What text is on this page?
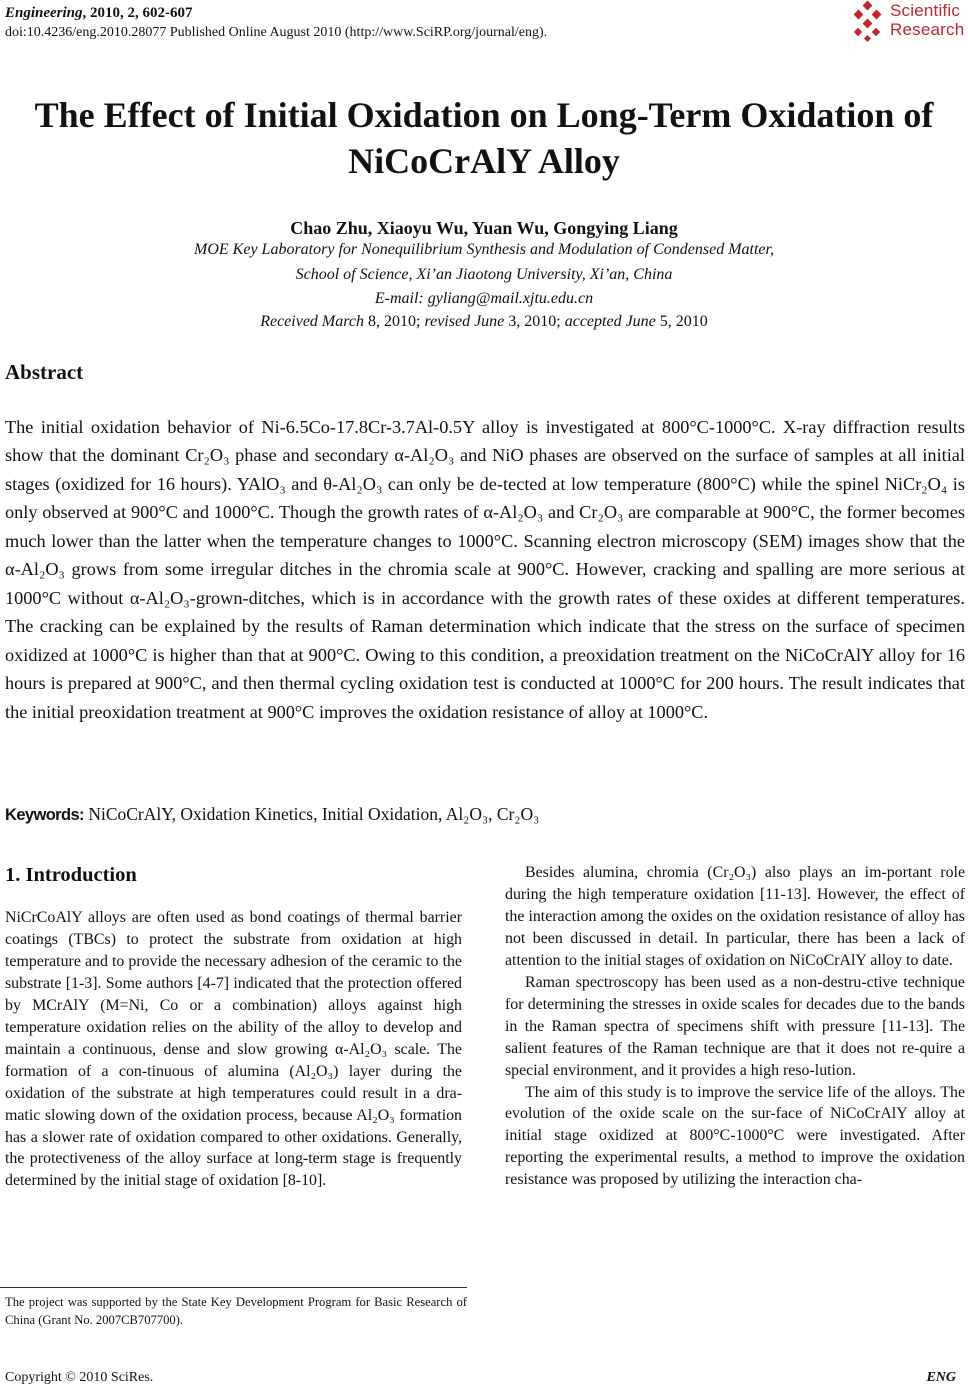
Engineering, 2010, 2, 602-607
doi:10.4236/eng.2010.28077 Published Online August 2010 (http://www.SciRP.org/journal/eng).
Scientific
Research
The Effect of Initial Oxidation on Long-Term Oxidation of
NiCoCrAlY Alloy
Chao Zhu, Xiaoyu Wu, Yuan Wu, Gongying Liang
MOE Key Laboratory for Nonequilibrium Synthesis and Modulation of Condensed Matter,
School of Science, Xi’an Jiaotong University, Xi’an, China
E-mail: gyliang@mail.xjtu.edu.cn
Received March 8, 2010; revised June 3, 2010; accepted June 5, 2010
Abstract
The initial oxidation behavior of Ni-6.5Co-17.8Cr-3.7Al-0.5Y alloy is investigated at 800°C-1000°C. X-ray diffraction results show that the dominant Cr₂O₃ phase and secondary α-Al₂O₃ and NiO phases are observed on the surface of samples at all initial stages (oxidized for 16 hours). YAlO₃ and θ-Al₂O₃ can only be de-tected at low temperature (800°C) while the spinel NiCr₂O₄ is only observed at 900°C and 1000°C. Though the growth rates of α-Al₂O₃ and Cr₂O₃ are comparable at 900°C, the former becomes much lower than the latter when the temperature changes to 1000°C. Scanning electron microscopy (SEM) images show that the α-Al₂O₃ grows from some irregular ditches in the chromia scale at 900°C. However, cracking and spalling are more serious at 1000°C without α-Al₂O₃-grown-ditches, which is in accordance with the growth rates of these oxides at different temperatures. The cracking can be explained by the results of Raman determination which indicate that the stress on the surface of specimen oxidized at 1000°C is higher than that at 900°C. Owing to this condition, a preoxidation treatment on the NiCoCrAlY alloy for 16 hours is prepared at 900°C, and then thermal cycling oxidation test is conducted at 1000°C for 200 hours. The result indicates that the initial preoxidation treatment at 900°C improves the oxidation resistance of alloy at 1000°C.
Keywords: NiCoCrAlY, Oxidation Kinetics, Initial Oxidation, Al₂O₃, Cr₂O₃
1. Introduction

NiCrCoAlY alloys are often used as bond coatings of thermal barrier coatings (TBCs) to protect the substrate from oxidation at high temperature and to provide the necessary adhesion of the ceramic to the substrate [1-3]. Some authors [4-7] indicated that the protection offered by MCrAlY (M=Ni, Co or a combination) alloys against high temperature oxidation relies on the ability of the alloy to develop and maintain a continuous, dense and slow growing α-Al₂O₃ scale. The formation of a con-tinuous of alumina (Al₂O₃) layer during the oxidation of the substrate at high temperatures could result in a dra-matic slowing down of the oxidation process, because Al₂O₃ formation has a slower rate of oxidation compared to other oxidations. Generally, the protectiveness of the alloy surface at long-term stage is frequently determined by the initial stage of oxidation [8-10].

Besides alumina, chromia (Cr₂O₃) also plays an im-portant role during the high temperature oxidation [11-13]. However, the effect of the interaction among the oxides on the oxidation resistance of alloy has not been discussed in detail. In particular, there has been a lack of attention to the initial stages of oxidation on NiCoCrAlY alloy to date.

Raman spectroscopy has been used as a non-destru-ctive technique for determining the stresses in oxide scales for decades due to the bands in the Raman spectra of specimens shift with pressure [11-13]. The salient features of the Raman technique are that it does not re-quire a special environment, and it provides a high reso-lution.

The aim of this study is to improve the service life of the alloys. The evolution of the oxide scale on the sur-face of NiCoCrAlY alloy at initial stage oxidized at 800°C-1000°C were investigated. After reporting the experimental results, a method to improve the oxidation resistance was proposed by utilizing the interaction cha-

The project was supported by the State Key Development Program for Basic Research of China (Grant No. 2007CB707700).
Copyright © 2010 SciRes.	ENG
